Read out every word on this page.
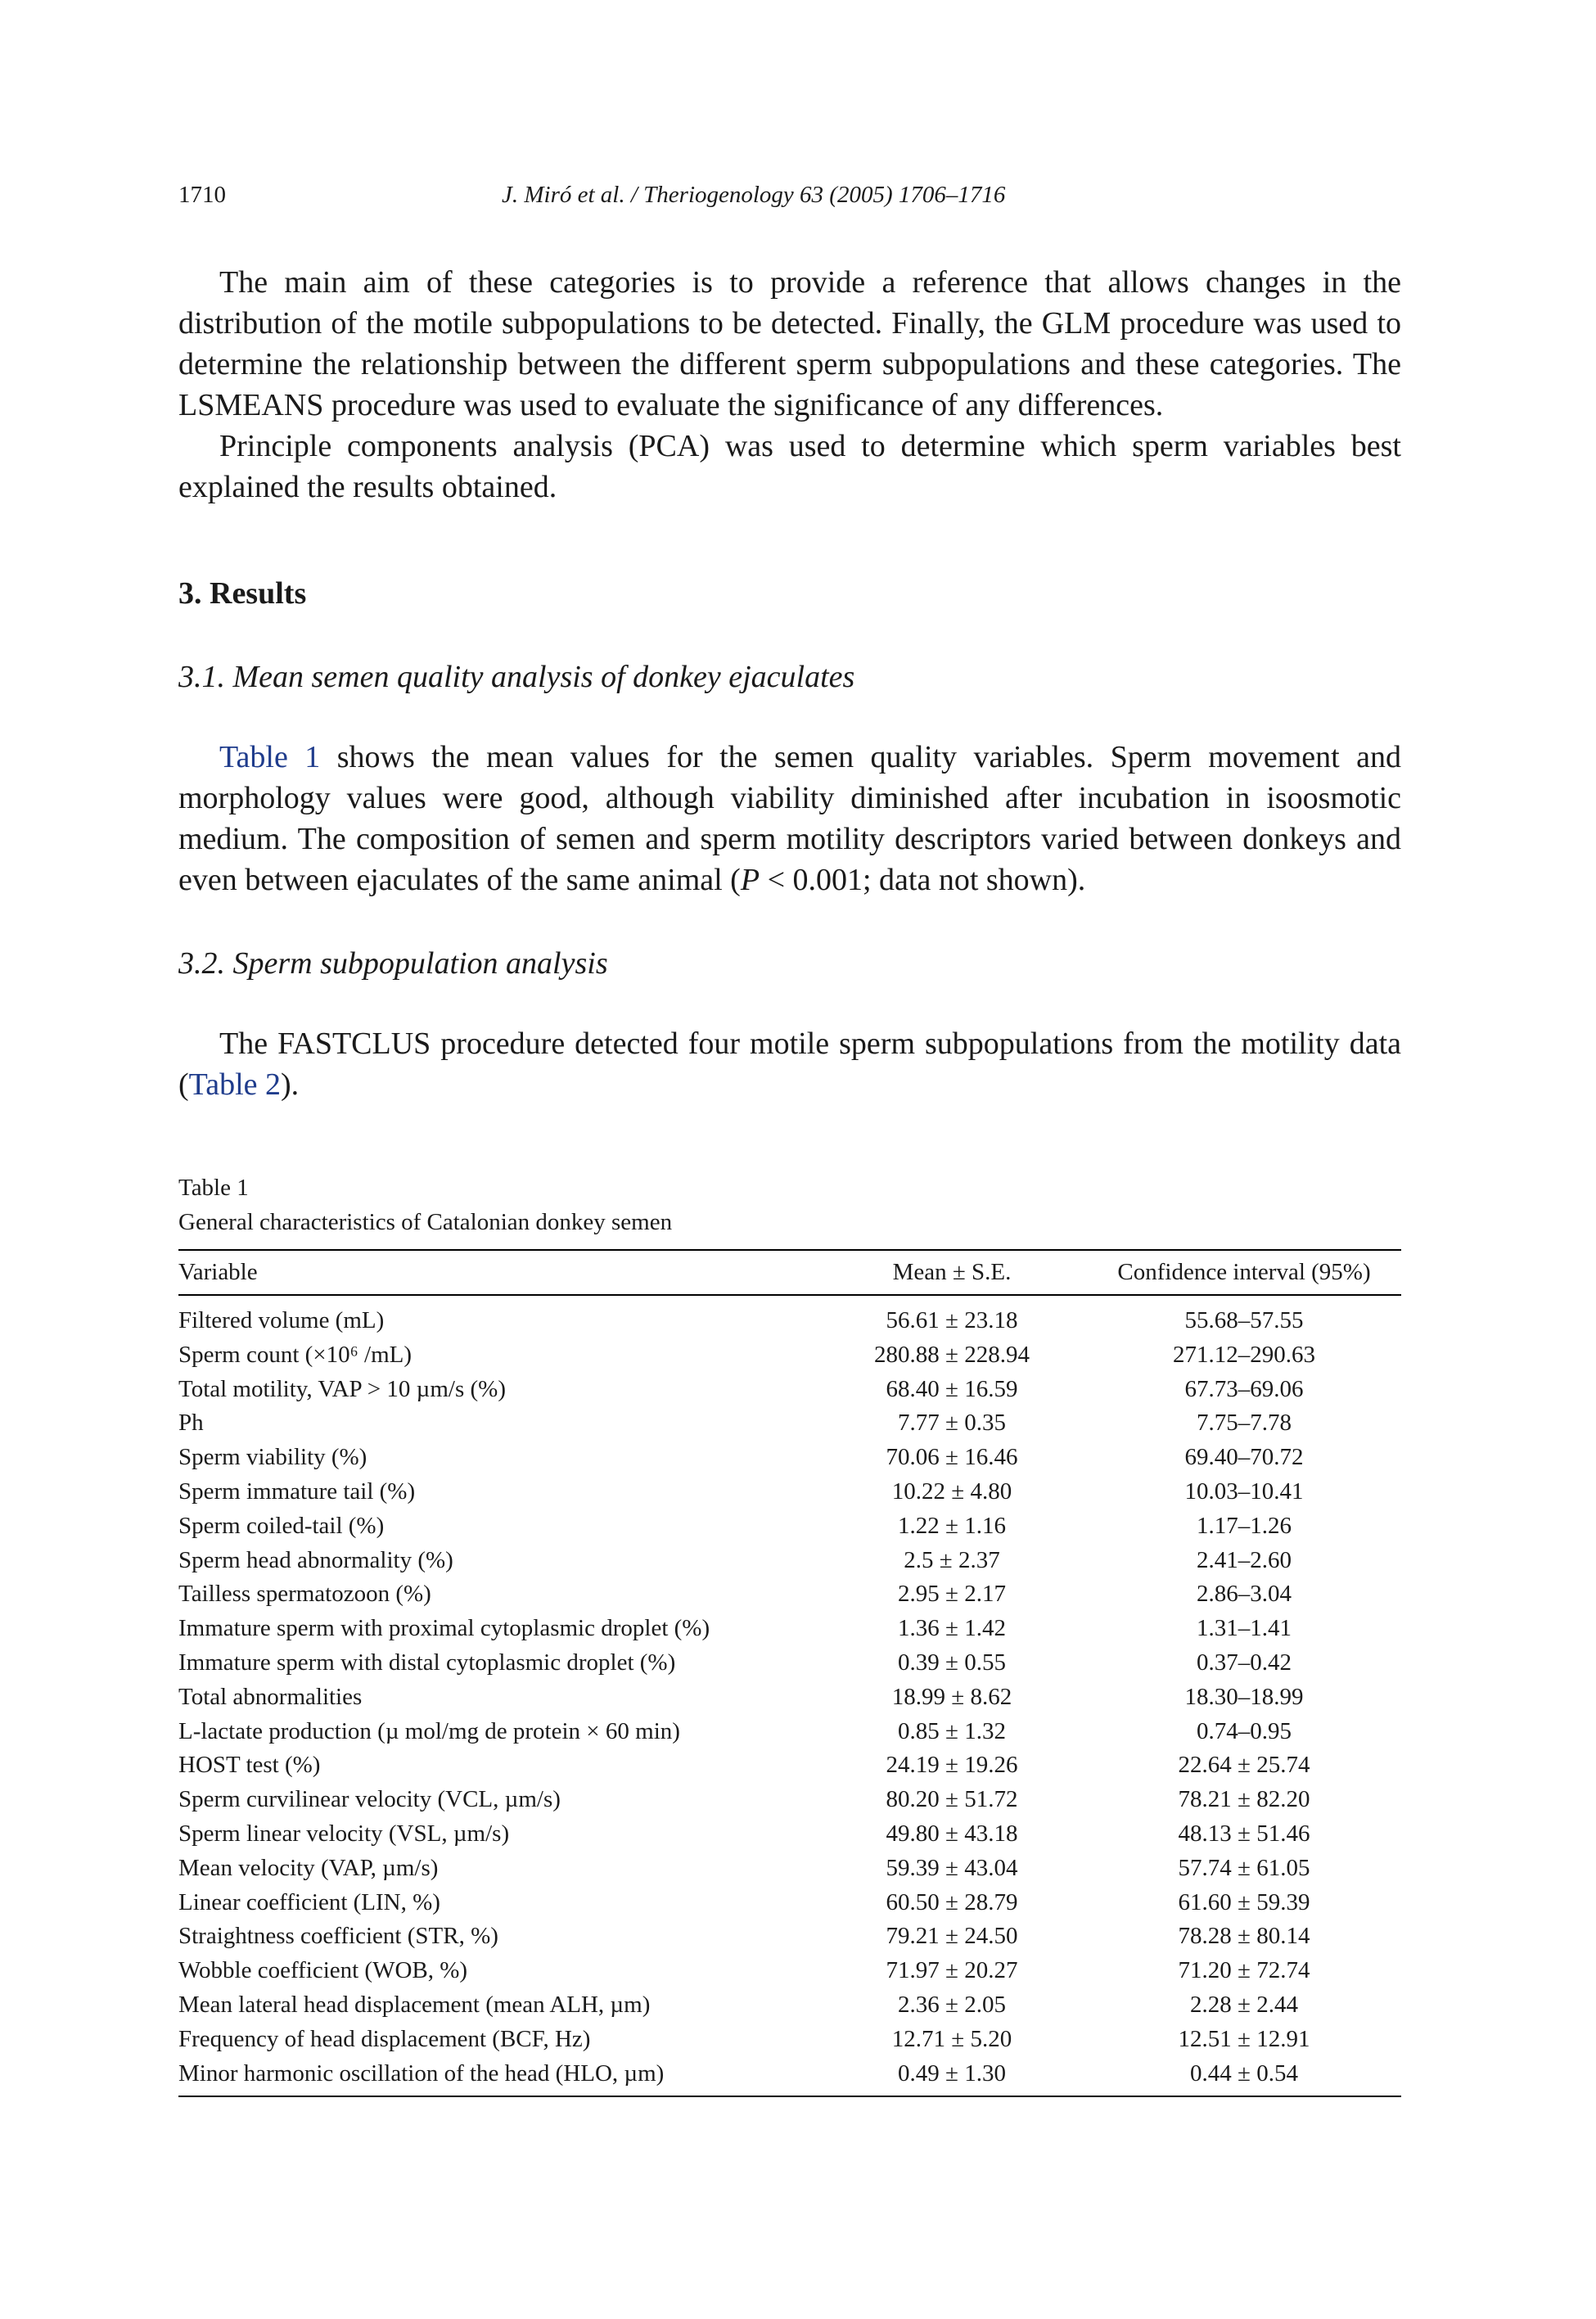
1710	J. Miró et al. / Theriogenology 63 (2005) 1706–1716

The main aim of these categories is to provide a reference that allows changes in the distribution of the motile subpopulations to be detected. Finally, the GLM procedure was used to determine the relationship between the different sperm subpopulations and these categories. The LSMEANS procedure was used to evaluate the significance of any differences.

Principle components analysis (PCA) was used to determine which sperm variables best explained the results obtained.

3. Results
3.1. Mean semen quality analysis of donkey ejaculates

Table 1 shows the mean values for the semen quality variables. Sperm movement and morphology values were good, although viability diminished after incubation in isoosmotic medium. The composition of semen and sperm motility descriptors varied between donkeys and even between ejaculates of the same animal (P < 0.001; data not shown).

3.2. Sperm subpopulation analysis

The FASTCLUS procedure detected four motile sperm subpopulations from the motility data (Table 2).

Table 1
General characteristics of Catalonian donkey semen
Variable	Mean ± S.E.	Confidence interval (95%)
Filtered volume (mL)	56.61 ± 23.18	55.68–57.55
Sperm count (×10⁶ /mL)	280.88 ± 228.94	271.12–290.63
Total motility, VAP > 10 µm/s (%)	68.40 ± 16.59	67.73–69.06
Ph	7.77 ± 0.35	7.75–7.78
Sperm viability (%)	70.06 ± 16.46	69.40–70.72
Sperm immature tail (%)	10.22 ± 4.80	10.03–10.41
Sperm coiled-tail (%)	1.22 ± 1.16	1.17–1.26
Sperm head abnormality (%)	2.5 ± 2.37	2.41–2.60
Tailless spermatozoon (%)	2.95 ± 2.17	2.86–3.04
Immature sperm with proximal cytoplasmic droplet (%)	1.36 ± 1.42	1.31–1.41
Immature sperm with distal cytoplasmic droplet (%)	0.39 ± 0.55	0.37–0.42
Total abnormalities	18.99 ± 8.62	18.30–18.99
L-lactate production (µ mol/mg de protein × 60 min)	0.85 ± 1.32	0.74–0.95
HOST test (%)	24.19 ± 19.26	22.64 ± 25.74
Sperm curvilinear velocity (VCL, µm/s)	80.20 ± 51.72	78.21 ± 82.20
Sperm linear velocity (VSL, µm/s)	49.80 ± 43.18	48.13 ± 51.46
Mean velocity (VAP, µm/s)	59.39 ± 43.04	57.74 ± 61.05
Linear coefficient (LIN, %)	60.50 ± 28.79	61.60 ± 59.39
Straightness coefficient (STR, %)	79.21 ± 24.50	78.28 ± 80.14
Wobble coefficient (WOB, %)	71.97 ± 20.27	71.20 ± 72.74
Mean lateral head displacement (mean ALH, µm)	2.36 ± 2.05	2.28 ± 2.44
Frequency of head displacement (BCF, Hz)	12.71 ± 5.20	12.51 ± 12.91
Minor harmonic oscillation of the head (HLO, µm)	0.49 ± 1.30	0.44 ± 0.54
